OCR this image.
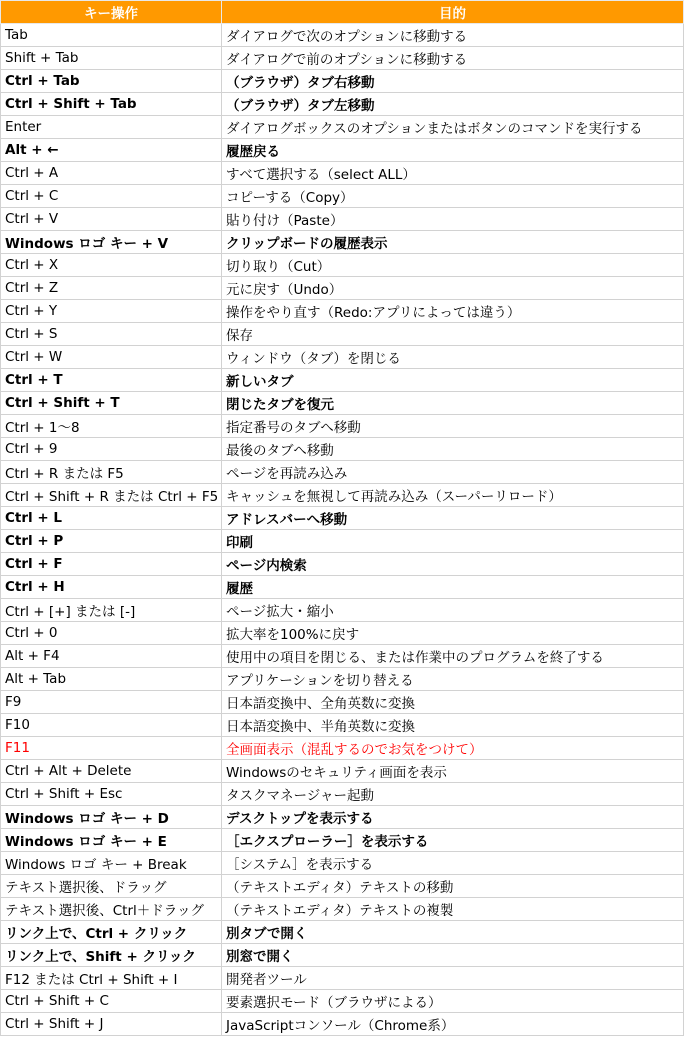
キー操作	目的
Tab	ダイアログで次のオプションに移動する
Shift + Tab	ダイアログで前のオプションに移動する
Ctrl + Tab	（ブラウザ）タブ右移動
Ctrl + Shift + Tab	（ブラウザ）タブ左移動
Enter	ダイアログボックスのオプションまたはボタンのコマンドを実行する
Alt + ←	履歴戻る
Ctrl + A	すべて選択する（select ALL）
Ctrl + C	コピーする（Copy）
Ctrl + V	貼り付け（Paste）
Windows ロゴ キー + V	クリップボードの履歴表示
Ctrl + X	切り取り（Cut）
Ctrl + Z	元に戻す（Undo）
Ctrl + Y	操作をやり直す（Redo:アプリによっては違う）
Ctrl + S	保存
Ctrl + W	ウィンドウ（タブ）を閉じる
Ctrl + T	新しいタブ
Ctrl + Shift + T	閉じたタブを復元
Ctrl + 1〜8	指定番号のタブへ移動
Ctrl + 9	最後のタブへ移動
Ctrl + R または F5	ページを再読み込み
Ctrl + Shift + R または Ctrl + F5	キャッシュを無視して再読み込み（スーパーリロード）
Ctrl + L	アドレスバーへ移動
Ctrl + P	印刷
Ctrl + F	ページ内検索
Ctrl + H	履歴
Ctrl + [+] または [-]	ページ拡大・縮小
Ctrl + 0	拡大率を100%に戻す
Alt + F4	使用中の項目を閉じる、または作業中のプログラムを終了する
Alt + Tab	アプリケーションを切り替える
F9	日本語変換中、全角英数に変換
F10	日本語変換中、半角英数に変換
F11	全画面表示（混乱するのでお気をつけて）
Ctrl + Alt + Delete	Windowsのセキュリティ画面を表示
Ctrl + Shift + Esc	タスクマネージャー起動
Windows ロゴ キー + D	デスクトップを表示する
Windows ロゴ キー + E	［エクスプローラー］を表示する
Windows ロゴ キー + Break	［システム］を表示する
テキスト選択後、ドラッグ	（テキストエディタ）テキストの移動
テキスト選択後、Ctrl＋ドラッグ	（テキストエディタ）テキストの複製
リンク上で、Ctrl + クリック	別タブで開く
リンク上で、Shift + クリック	別窓で開く
F12 または Ctrl + Shift + I	開発者ツール
Ctrl + Shift + C	要素選択モード（ブラウザによる）
Ctrl + Shift + J	JavaScriptコンソール（Chrome系）
